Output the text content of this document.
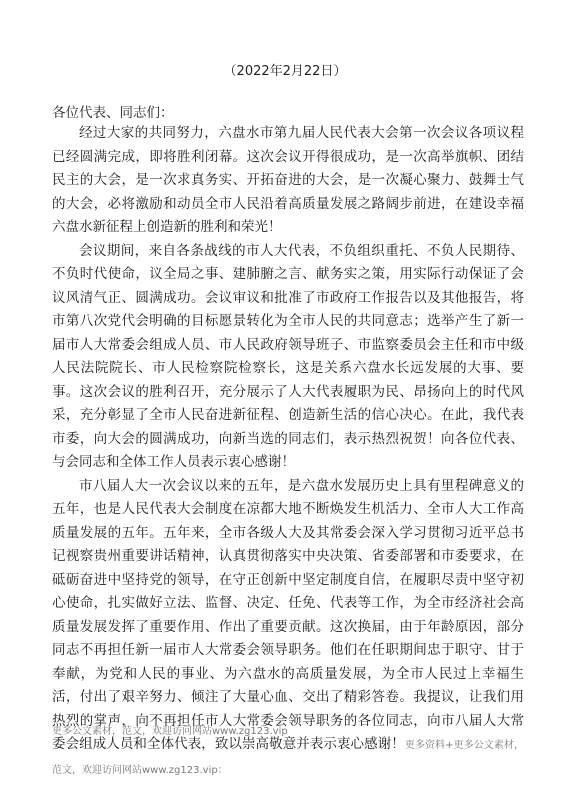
（2022年2月22日）
各位代表、同志们：

经过大家的共同努力，六盘水市第九届人民代表大会第一次会议各项议程已经圆满完成，即将胜利闭幕。这次会议开得很成功，是一次高举旗帜、团结民主的大会，是一次求真务实、开拓奋进的大会，是一次凝心聚力、鼓舞士气的大会，必将激励和动员全市人民沿着高质量发展之路阔步前进，在建设幸福六盘水新征程上创造新的胜利和荣光！

会议期间，来自各条战线的市人大代表，不负组织重托、不负人民期待、不负时代使命，议全局之事、建肺腑之言、献务实之策，用实际行动保证了会议风清气正、圆满成功。会议审议和批准了市政府工作报告以及其他报告，将市第八次党代会明确的目标愿景转化为全市人民的共同意志；选举产生了新一届市人大常委会组成人员、市人民政府领导班子、市监察委员会主任和市中级人民法院院长、市人民检察院检察长，这是关系六盘水长远发展的大事、要事。这次会议的胜利召开，充分展示了人大代表履职为民、昂扬向上的时代风采，充分彰显了全市人民奋进新征程、创造新生活的信心决心。在此，我代表市委，向大会的圆满成功，向新当选的同志们，表示热烈祝贺！向各位代表、与会同志和全体工作人员表示衷心感谢！

市八届人大一次会议以来的五年，是六盘水发展历史上具有里程碑意义的五年，也是人民代表大会制度在凉都大地不断焕发生机活力、全市人大工作高质量发展的五年。五年来，全市各级人大及其常委会深入学习贯彻习近平总书记视察贵州重要讲话精神，认真贯彻落实中央决策、省委部署和市委要求，在砥砺奋进中坚持党的领导，在守正创新中坚定制度自信，在履职尽责中坚守初心使命，扎实做好立法、监督、决定、任免、代表等工作，为全市经济社会高质量发展发挥了重要作用、作出了重要贡献。这次换届，由于年龄原因，部分同志不再担任新一届市人大常委会领导职务。他们在任职期间忠于职守、甘于奉献，为党和人民的事业、为六盘水的高质量发展，为全市人民过上幸福生活，付出了艰辛努力、倾注了大量心血、交出了精彩答卷。我提议，让我们用热烈的掌声，向不再担任市人大常委会领导职务的各位同志，向市八届人大常委会组成人员和全体代表，致以崇高敬意并表示衷心感谢！更多资料+更多公文素材，范文，欢迎访问网站www.zg123.vip：

更多公文素材，范文，欢迎访问网站www.zg123.vip
